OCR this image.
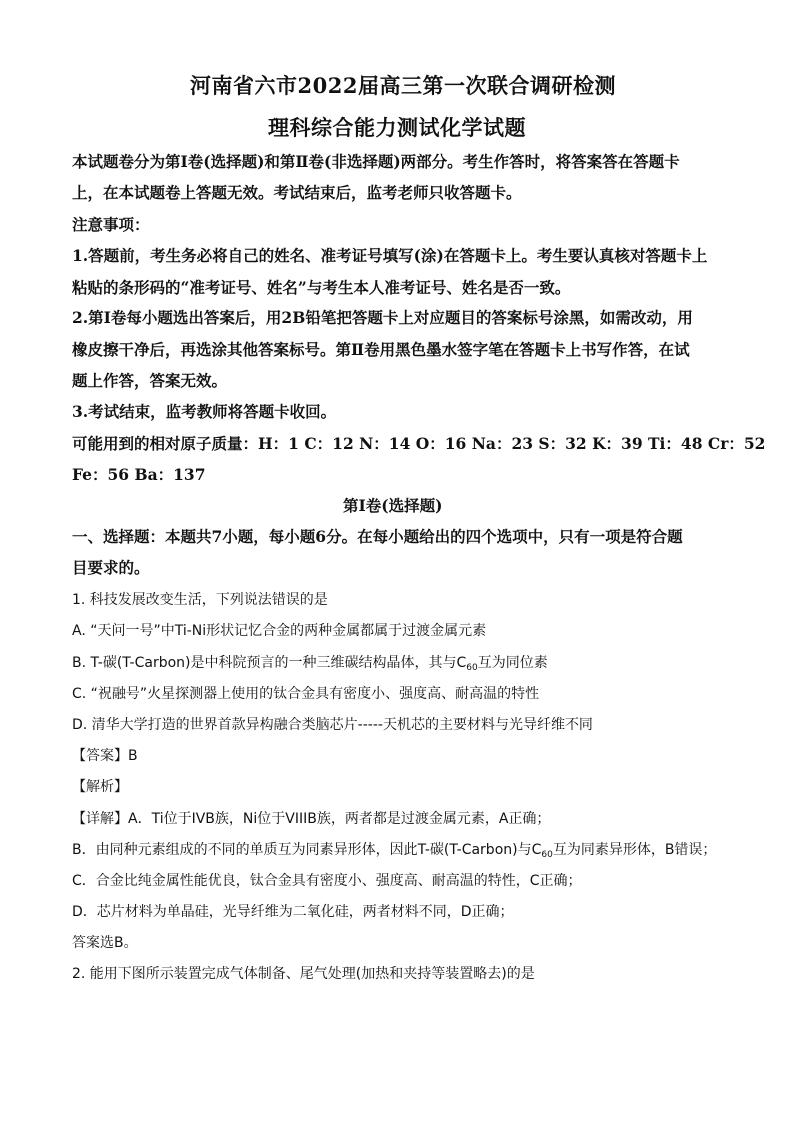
河南省六市2022届高三第一次联合调研检测
理科综合能力测试化学试题
本试题卷分为第Ⅰ卷(选择题)和第Ⅱ卷(非选择题)两部分。考生作答时，将答案答在答题卡
上，在本试题卷上答题无效。考试结束后，监考老师只收答题卡。
注意事项：
1.答题前，考生务必将自己的姓名、准考证号填写(涂)在答题卡上。考生要认真核对答题卡上
粘贴的条形码的“准考证号、姓名”与考生本人准考证号、姓名是否一致。
2.第Ⅰ卷每小题选出答案后，用2B铅笔把答题卡上对应题目的答案标号涂黑，如需改动，用
橡皮擦干净后，再选涂其他答案标号。第Ⅱ卷用黑色墨水签字笔在答题卡上书写作答，在试
题上作答，答案无效。
3.考试结束，监考教师将答题卡收回。
可能用到的相对原子质量：H：1 C：12 N：14 O：16 Na：23 S：32 K：39 Ti：48 Cr：52
Fe：56 Ba：137
第Ⅰ卷(选择题)
一、选择题：本题共7小题，每小题6分。在每小题给出的四个选项中，只有一项是符合题
目要求的。
1. 科技发展改变生活，下列说法错误的是
A. “天问一号”中Ti-Ni形状记忆合金的两种金属都属于过渡金属元素
B. T-碳(T-Carbon)是中科院预言的一种三维碳结构晶体，其与$C_{60}$互为同位素
C. “祝融号”火星探测器上使用的钛合金具有密度小、强度高、耐高温的特性
D. 清华大学打造的世界首款异构融合类脑芯片-----天机芯的主要材料与光导纤维不同
【答案】B
【解析】
【详解】A．Ti位于IVB族，Ni位于VIIIB族，两者都是过渡金属元素，A正确；
B．由同种元素组成的不同的单质互为同素异形体，因此T-碳(T-Carbon)与$C_{60}$互为同素异形体，B错误；
C．合金比纯金属性能优良，钛合金具有密度小、强度高、耐高温的特性，C正确；
D．芯片材料为单晶硅，光导纤维为二氧化硅，两者材料不同，D正确；
答案选B。
2. 能用下图所示装置完成气体制备、尾气处理(加热和夹持等装置略去)的是
